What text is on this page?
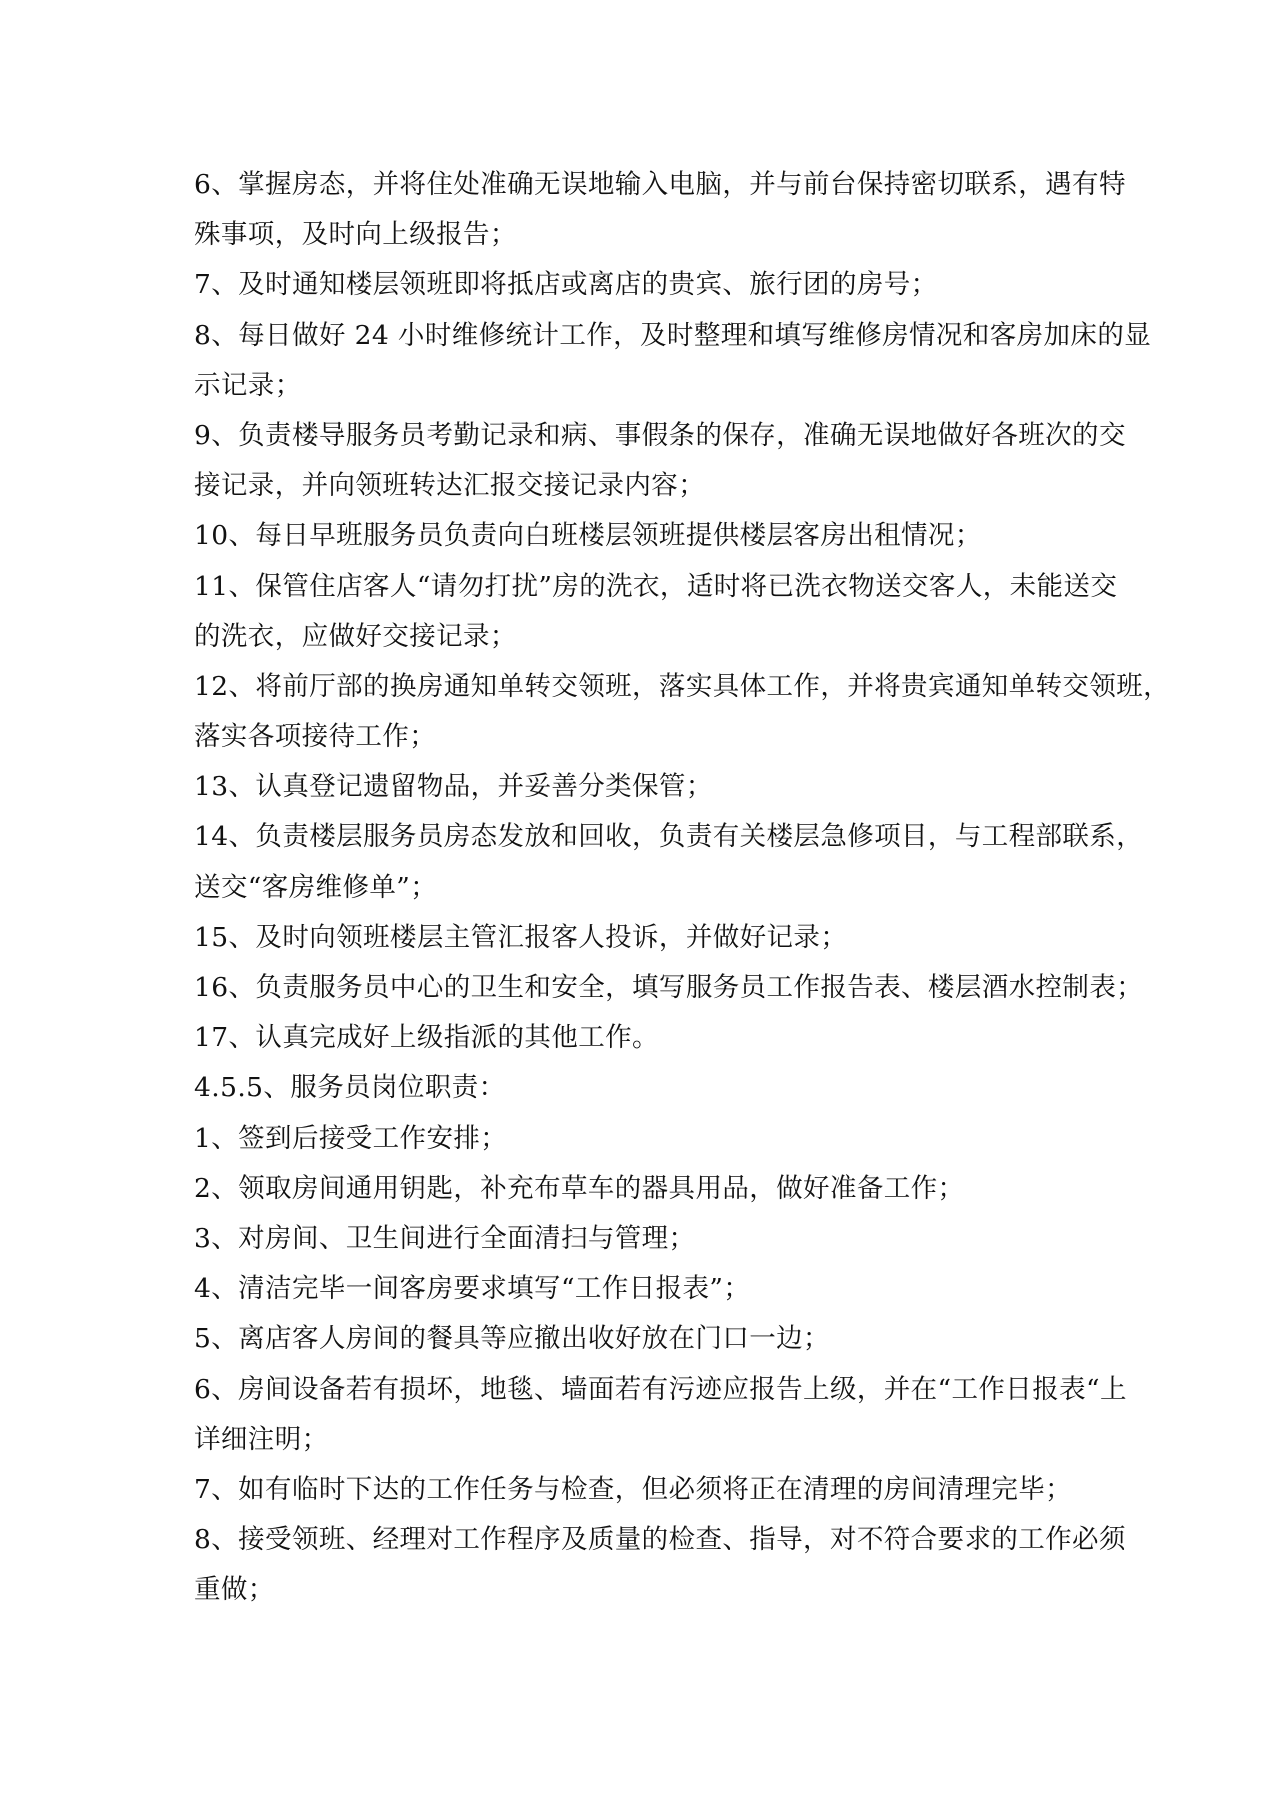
6、掌握房态，并将住处准确无误地输入电脑，并与前台保持密切联系，遇有特
殊事项，及时向上级报告；
7、及时通知楼层领班即将抵店或离店的贵宾、旅行团的房号；
8、每日做好 24 小时维修统计工作，及时整理和填写维修房情况和客房加床的显
示记录；
9、负责楼导服务员考勤记录和病、事假条的保存，准确无误地做好各班次的交
接记录，并向领班转达汇报交接记录内容；
10、每日早班服务员负责向白班楼层领班提供楼层客房出租情况；
11、保管住店客人“请勿打扰”房的洗衣，适时将已洗衣物送交客人，未能送交
的洗衣，应做好交接记录；
12、将前厅部的换房通知单转交领班，落实具体工作，并将贵宾通知单转交领班，
落实各项接待工作；
13、认真登记遗留物品，并妥善分类保管；
14、负责楼层服务员房态发放和回收，负责有关楼层急修项目，与工程部联系，
送交“客房维修单”；
15、及时向领班楼层主管汇报客人投诉，并做好记录；
16、负责服务员中心的卫生和安全，填写服务员工作报告表、楼层酒水控制表；
17、认真完成好上级指派的其他工作。
4.5.5、服务员岗位职责：
1、签到后接受工作安排；
2、领取房间通用钥匙，补充布草车的器具用品，做好准备工作；
3、对房间、卫生间进行全面清扫与管理；
4、清洁完毕一间客房要求填写“工作日报表”；
5、离店客人房间的餐具等应撤出收好放在门口一边；
6、房间设备若有损坏，地毯、墙面若有污迹应报告上级，并在“工作日报表“上
详细注明；
7、如有临时下达的工作任务与检查，但必须将正在清理的房间清理完毕；
8、接受领班、经理对工作程序及质量的检查、指导，对不符合要求的工作必须
重做；
